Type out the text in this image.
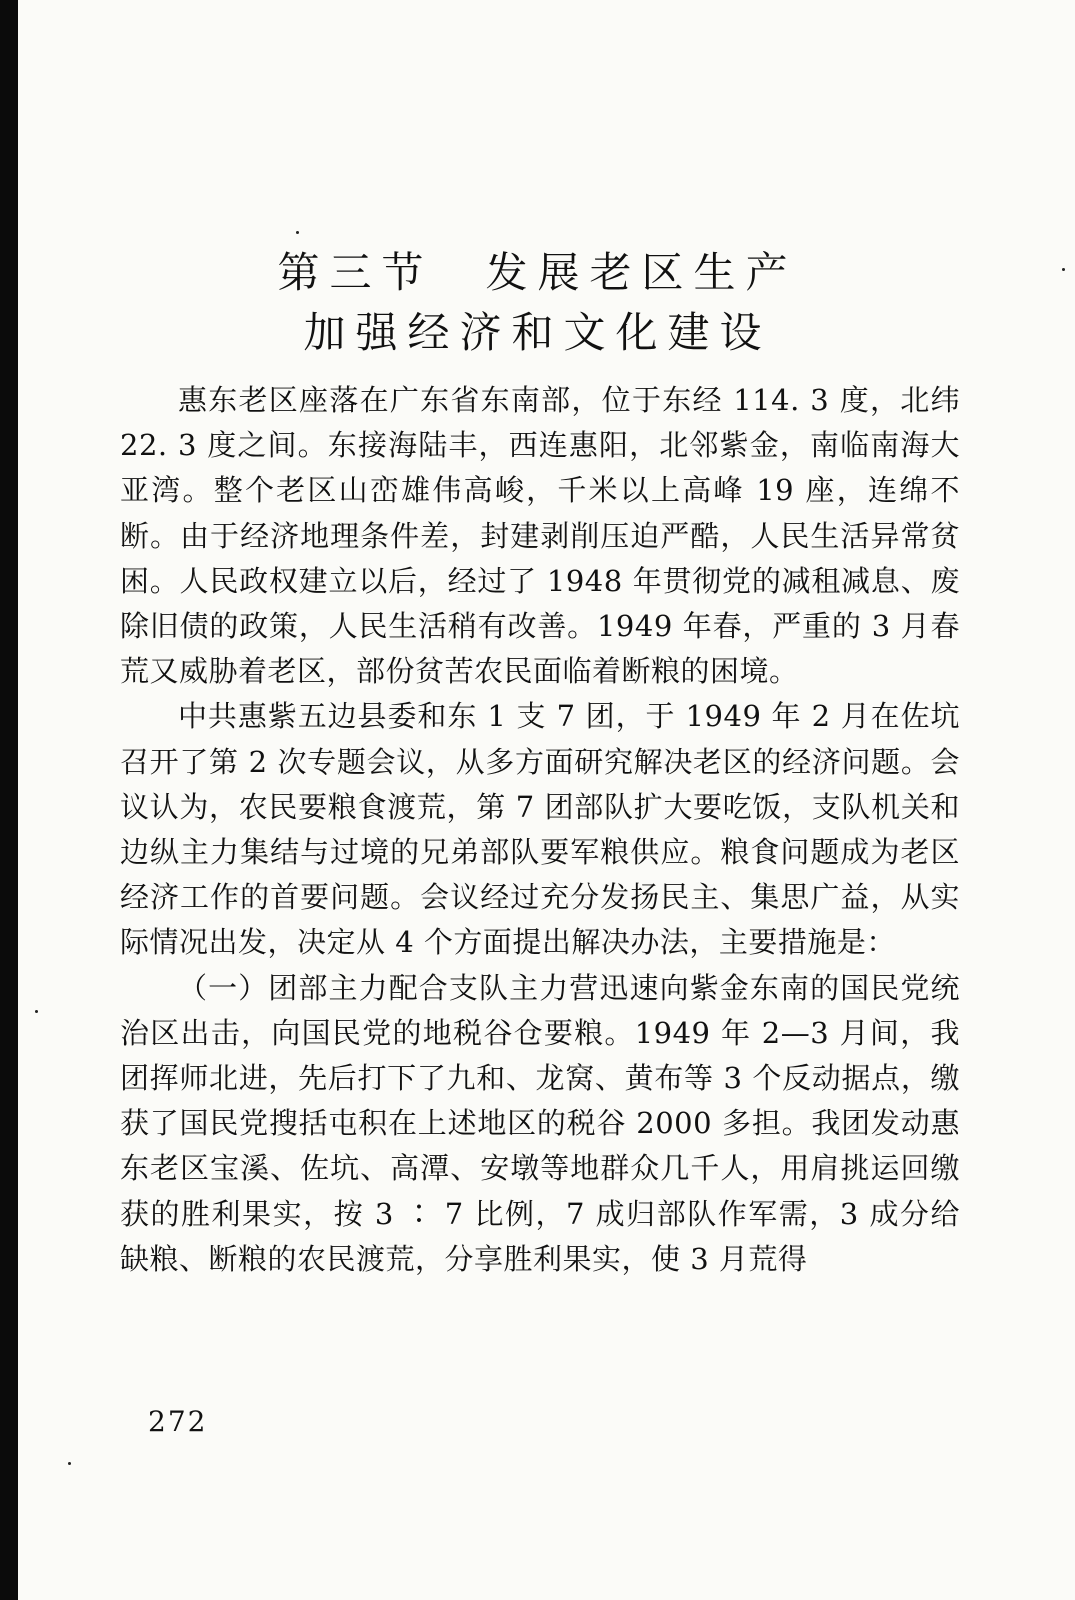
第三节　发展老区生产
加强经济和文化建设

惠东老区座落在广东省东南部，位于东经 114. 3 度，北纬 22. 3 度之间。东接海陆丰，西连惠阳，北邻紫金，南临南海大亚湾。整个老区山峦雄伟高峻，千米以上高峰 19 座，连绵不断。由于经济地理条件差，封建剥削压迫严酷，人民生活异常贫困。人民政权建立以后，经过了 1948 年贯彻党的减租减息、废除旧债的政策，人民生活稍有改善。1949 年春，严重的 3 月春荒又威胁着老区，部份贫苦农民面临着断粮的困境。

中共惠紫五边县委和东 1 支 7 团，于 1949 年 2 月在佐坑召开了第 2 次专题会议，从多方面研究解决老区的经济问题。会议认为，农民要粮食渡荒，第 7 团部队扩大要吃饭，支队机关和边纵主力集结与过境的兄弟部队要军粮供应。粮食问题成为老区经济工作的首要问题。会议经过充分发扬民主、集思广益，从实际情况出发，决定从 4 个方面提出解决办法，主要措施是：

（一）团部主力配合支队主力营迅速向紫金东南的国民党统治区出击，向国民党的地税谷仓要粮。1949 年 2—3 月间，我团挥师北进，先后打下了九和、龙窝、黄布等 3 个反动据点，缴获了国民党搜括屯积在上述地区的税谷 2000 多担。我团发动惠东老区宝溪、佐坑、高潭、安墩等地群众几千人，用肩挑运回缴获的胜利果实，按 3 ∶ 7 比例，7 成归部队作军需，3 成分给缺粮、断粮的农民渡荒，分享胜利果实，使 3 月荒得

272
